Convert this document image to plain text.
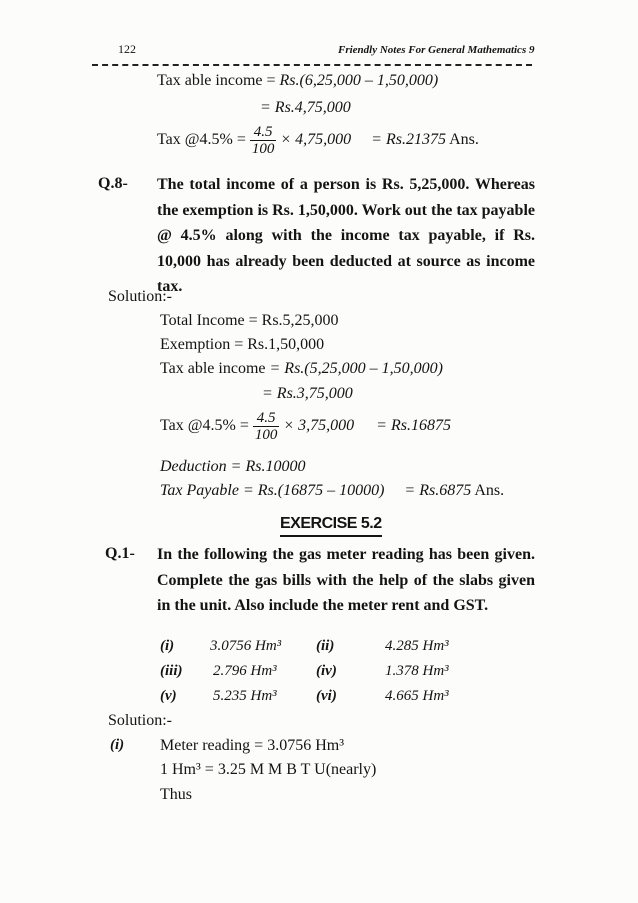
122	Friendly Notes For General Mathematics 9
Tax able income = Rs.(6,25,000 – 1,50,000)
= Rs.4,75,000
Tax @4.5% = $\frac{4.5}{100} \times 4,75,000 = Rs.21375$ Ans.
Q.8- The total income of a person is Rs. 5,25,000. Whereas the exemption is Rs. 1,50,000. Work out the tax payable @ 4.5% along with the income tax payable, if Rs. 10,000 has already been deducted at source as income tax.
Solution:-
Total Income = Rs.5,25,000
Exemption = Rs.1,50,000
Tax able income = Rs.(5,25,000 – 1,50,000)
= Rs.3,75,000
Tax @4.5% = $\frac{4.5}{100} \times 3,75,000 = Rs.16875$
Deduction = Rs.10000
Tax Payable = Rs.(16875 – 10000) = Rs.6875 Ans.
EXERCISE 5.2
Q.1- In the following the gas meter reading has been given. Complete the gas bills with the help of the slabs given in the unit. Also include the meter rent and GST.
(i) 3.0756 Hm³ (ii)	4.285 Hm³
(iii) 2.796 Hm³	(iv)	1.378 Hm³
(v) 5.235 Hm³	(vi)	4.665 Hm³
Solution:-
(i) Meter reading = 3.0756 Hm³
1 Hm³ = 3.25 M M B T U(nearly)
Thus
